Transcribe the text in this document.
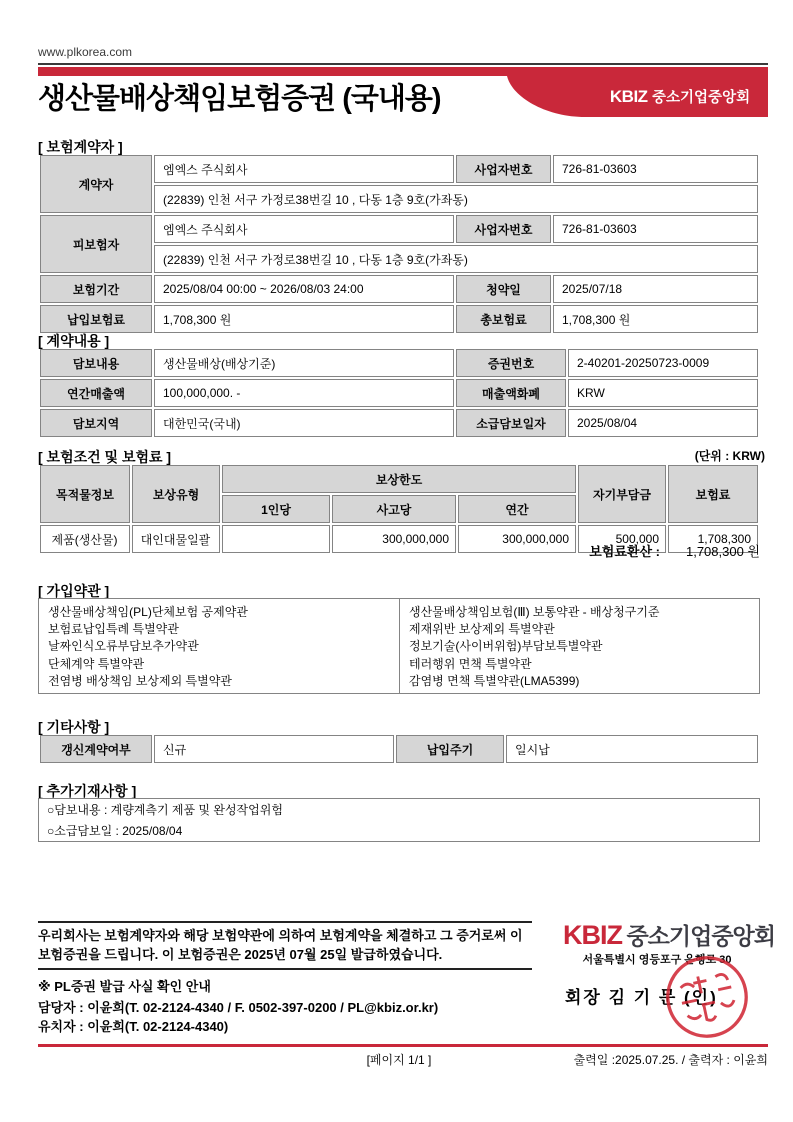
www.plkorea.com
KBIZ 중소기업중앙회
생산물배상책임보험증권 (국내용)
[ 보험계약자 ]
계약자	엠엑스 주식회사	사업자번호	726-81-03603
	(22839) 인천 서구 가정로38번길 10 , 다동 1층 9호(가좌동)		
피보험자	엠엑스 주식회사	사업자번호	726-81-03603
	(22839) 인천 서구 가정로38번길 10 , 다동 1층 9호(가좌동)		
보험기간	2025/08/04 00:00 ~ 2026/08/03 24:00	청약일	2025/07/18
납입보험료	1,708,300 원	총보험료	1,708,300 원
[ 계약내용 ]
담보내용	생산물배상(배상기준)	증권번호	2-40201-20250723-0009
연간매출액	100,000,000. -	매출액화폐	KRW
담보지역	대한민국(국내)	소급담보일자	2025/08/04
[ 보험조건 및 보험료 ]	(단위 : KRW)
목적물정보	보상유형	보상한도			자기부담금	보험료
		1인당	사고당	연간		
제품(생산물)	대인대물일괄		300,000,000	300,000,000	500,000	1,708,300
보험료환산 : 1,708,300 원
[ 가입약관 ]
생산물배상책임(PL)단체보험 공제약관
보험료납입특례 특별약관
날짜인식오류부담보추가약관
단체계약 특별약관
전염병 배상책임 보상제외 특별약관
생산물배상책임보험(Ⅲ) 보통약관 - 배상청구기준
제재위반 보상제외 특별약관
정보기술(사이버위험)부담보특별약관
테러행위 면책 특별약관
감염병 면책 특별약관(LMA5399)
[ 기타사항 ]
갱신계약여부	신규	납입주기	일시납
[ 추가기재사항 ]
○담보내용 : 계량계측기 제품 및 완성작업위험
○소급담보일 : 2025/08/04
우리회사는 보험계약자와 해당 보험약관에 의하여 보험계약을 체결하고 그 증거로써 이 보험증권을 드립니다. 이 보험증권은 2025년 07월 25일 발급하였습니다.
※ PL증권 발급 사실 확인 안내
담당자 : 이윤희(T. 02-2124-4340 / F. 0502-397-0200 / PL@kbiz.or.kr)
유치자 : 이윤희(T. 02-2124-4340)
KBIZ 중소기업중앙회
서울특별시 영등포구 은행로 30
회장 김 기 문 (인)
[페이지 1/1 ]	출력일 :2025.07.25. / 출력자 : 이윤희
